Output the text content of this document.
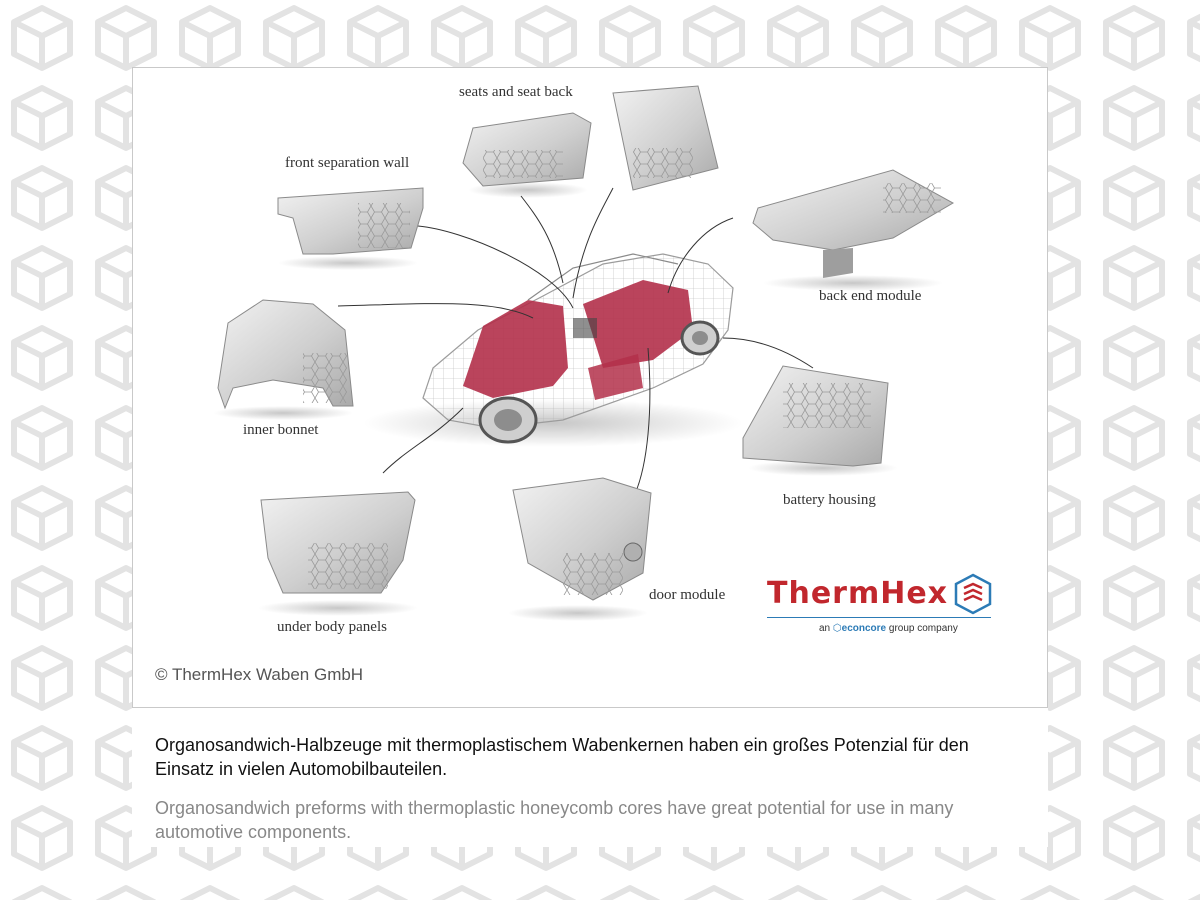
seats and seat back
front separation wall
back end module
inner bonnet
battery housing
under body panels
door module ThermHex
an ⬡econcore group company
© ThermHex Waben GmbH
Organosandwich-Halbzeuge mit thermoplastischem Wabenkernen haben ein großes Potenzial für den Einsatz in vielen Automobilbauteilen.
Organosandwich preforms with thermoplastic honeycomb cores have great potential for use in many automotive components.
